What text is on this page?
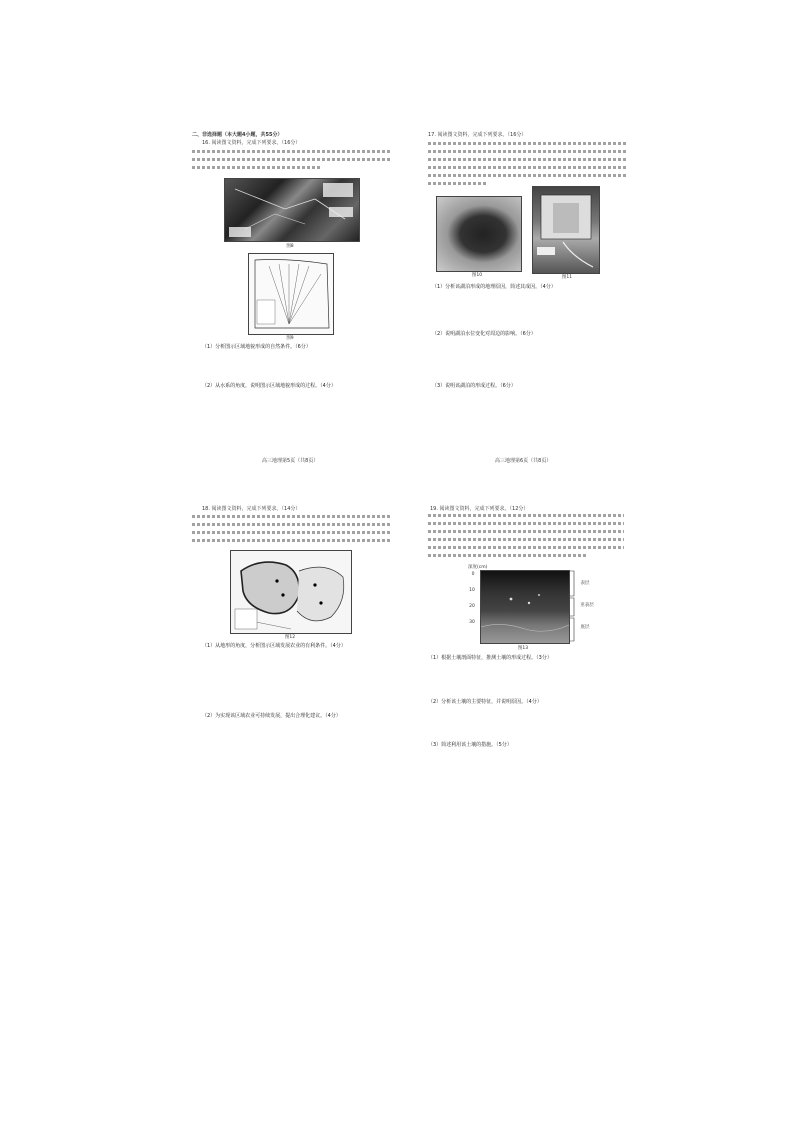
二、非选择题（本大题4小题，共55分）
16. 阅读图文资料，完成下列要求。（16分）
图8
图9
（1）分析图示区域地貌形成的自然条件。（6分）
（2）从水系的角度，说明图示区域地貌形成的过程。（4分）
高三地理第5页（共8页）
17. 阅读图文资料，完成下列要求。（16分）
图10	图11
（1）分析该湖泊形成的地理原因，简述其成因。（4分）
（2）说明湖泊水位变化对周边的影响。（6分）
（3）说明该湖泊的形成过程。（6分）
高三地理第6页（共8页）
18. 阅读图文资料，完成下列要求。（14分）
图12
（1）从地形的角度，分析图示区域发展农业的有利条件。（4分）
（2）为实现该区域农业可持续发展，提出合理化建议。（4分）
19. 阅读图文资料，完成下列要求。（12分）
深度(cm)
0
10
20
30
表层
亚表层
底层
图13
（1）根据土壤剖面特征，推测土壤的形成过程。（3分）
（2）分析该土壤的主要特征，并说明原因。（4分）
（3）简述利用该土壤的措施。（5分）
